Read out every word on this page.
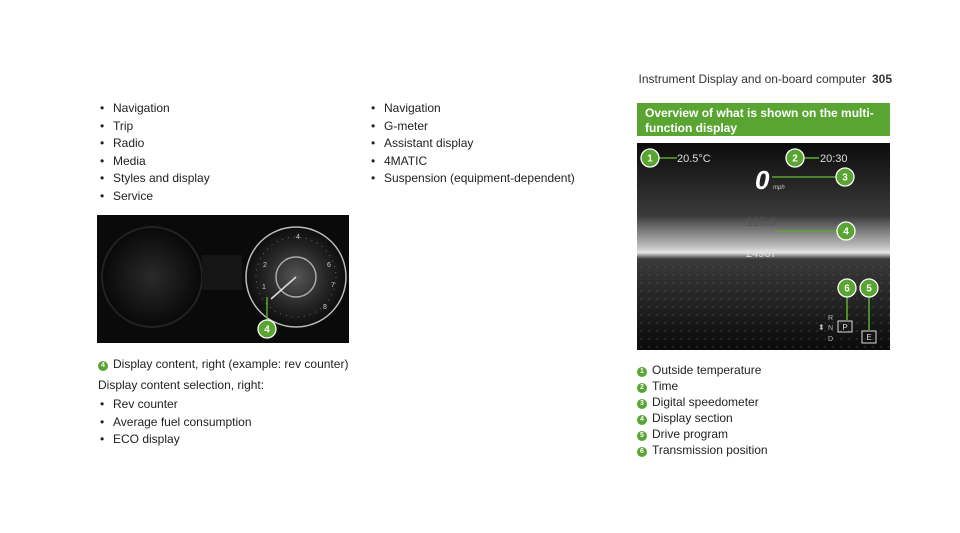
Instrument Display and on-board computer 305
• Navigation
• Trip
• Radio
• Media
• Styles and display
• Service
2
4
6
7
8
1
4
4 Display content, right (example: rev counter)
Display content selection, right:
• Rev counter
• Average fuel consumption
• ECO display
• Navigation
• G-meter
• Assistant display
• 4MATIC
• Suspension (equipment-dependent)
Overview of what is shown on the multi-function display
20.5°C	20:30
0 mph
125.3
24967
R
N
D
⬍ P
E
1	2
3
4
6 5
1 Outside temperature
2 Time
3 Digital speedometer
4 Display section
5 Drive program
6 Transmission position
